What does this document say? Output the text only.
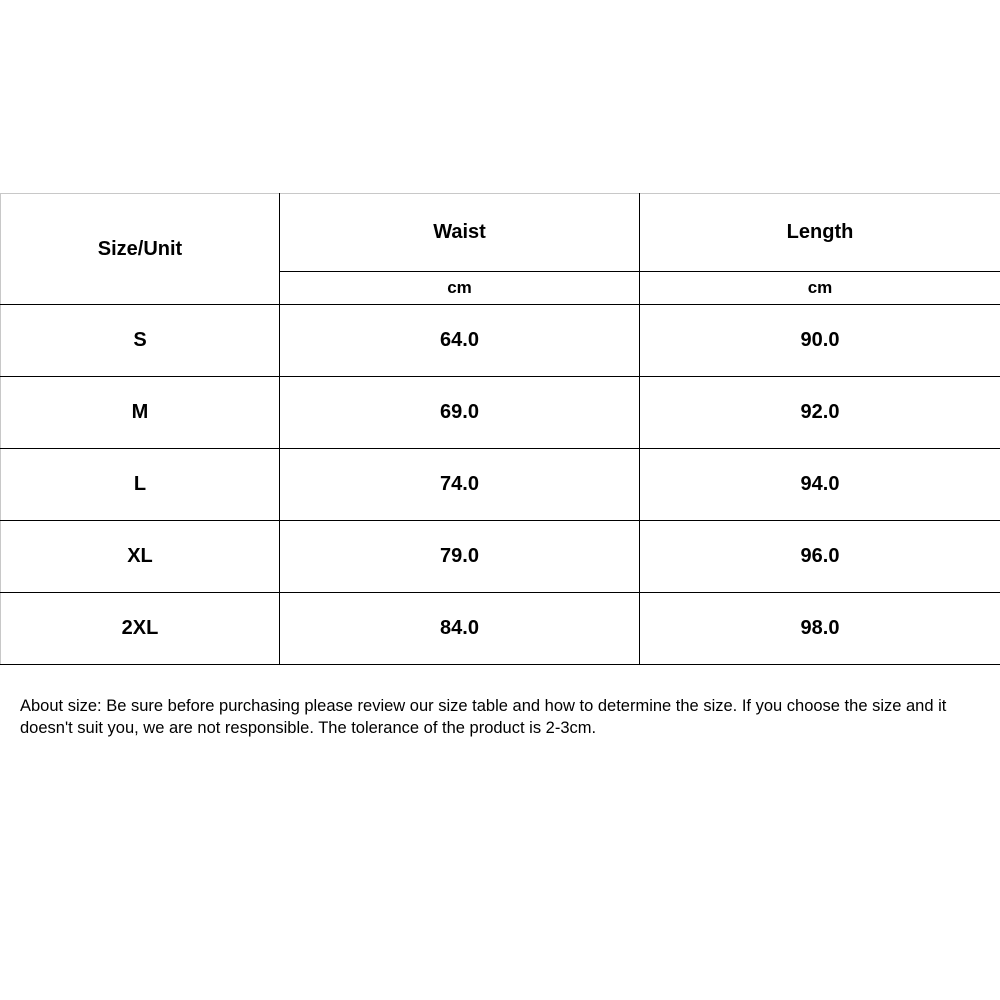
Size/Unit	Waist	Length
	cm	cm
S	64.0	90.0
M	69.0	92.0
L	74.0	94.0
XL	79.0	96.0
2XL	84.0	98.0

About size: Be sure before purchasing please review our size table and how to determine the size. If you choose the size and it doesn't suit you, we are not responsible. The tolerance of the product is 2-3cm.
